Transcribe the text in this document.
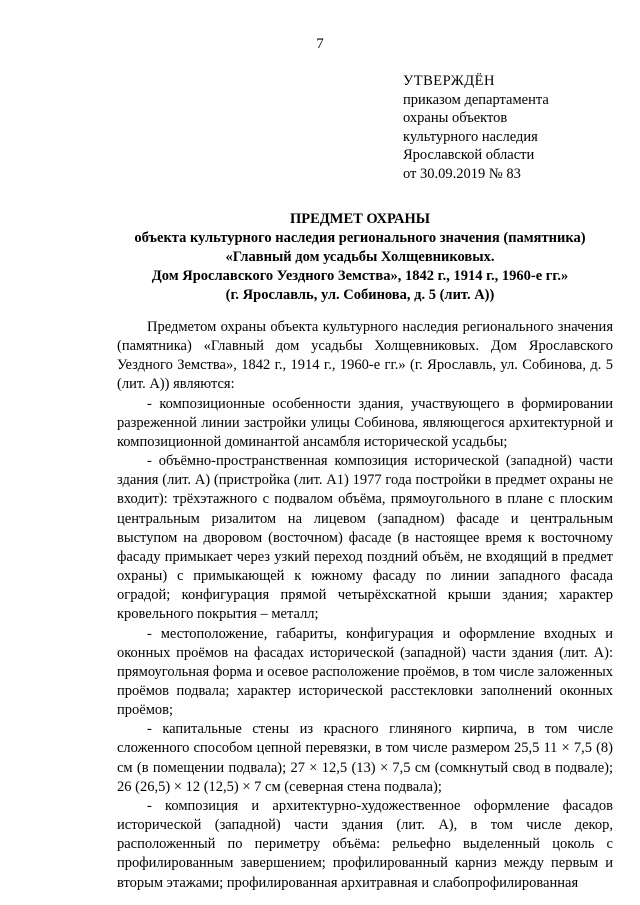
7
УТВЕРЖДЁН
приказом департамента
охраны объектов
культурного наследия
Ярославской области
от 30.09.2019 № 83
ПРЕДМЕТ ОХРАНЫ
объекта культурного наследия регионального значения (памятника)
«Главный дом усадьбы Холщевниковых.
Дом Ярославского Уездного Земства», 1842 г., 1914 г., 1960-е гг.»
(г. Ярославль, ул. Собинова, д. 5 (лит. А))

Предметом охраны объекта культурного наследия регионального значения (памятника) «Главный дом усадьбы Холщевниковых. Дом Ярославского Уездного Земства», 1842 г., 1914 г., 1960-е гг.» (г. Ярославль, ул. Собинова, д. 5 (лит. А)) являются:

- композиционные особенности здания, участвующего в формировании разреженной линии застройки улицы Собинова, являющегося архитектурной и композиционной доминантой ансамбля исторической усадьбы;

- объёмно-пространственная композиция исторической (западной) части здания (лит. А) (пристройка (лит. А1) 1977 года постройки в предмет охраны не входит): трёхэтажного с подвалом объёма, прямоугольного в плане с плоским центральным ризалитом на лицевом (западном) фасаде и центральным выступом на дворовом (восточном) фасаде (в настоящее время к восточному фасаду примыкает через узкий переход поздний объём, не входящий в предмет охраны) с примыкающей к южному фасаду по линии западного фасада оградой; конфигурация прямой четырёхскатной крыши здания; характер кровельного покрытия – металл;

- местоположение, габариты, конфигурация и оформление входных и оконных проёмов на фасадах исторической (западной) части здания (лит. А): прямоугольная форма и осевое расположение проёмов, в том числе заложенных проёмов подвала; характер исторической расстекловки заполнений оконных проёмов;

- капитальные стены из красного глиняного кирпича, в том числе сложенного способом цепной перевязки, в том числе размером 25,5 11 × 7,5 (8) см (в помещении подвала); 27 × 12,5 (13) × 7,5 см (сомкнутый свод в подвале); 26 (26,5) × 12 (12,5) × 7 см (северная стена подвала);

- композиция и архитектурно-художественное оформление фасадов исторической (западной) части здания (лит. А), в том числе декор, расположенный по периметру объёма: рельефно выделенный цоколь с профилированным завершением; профилированный карниз между первым и вторым этажами; профилированная архитравная и слабопрофилированная
